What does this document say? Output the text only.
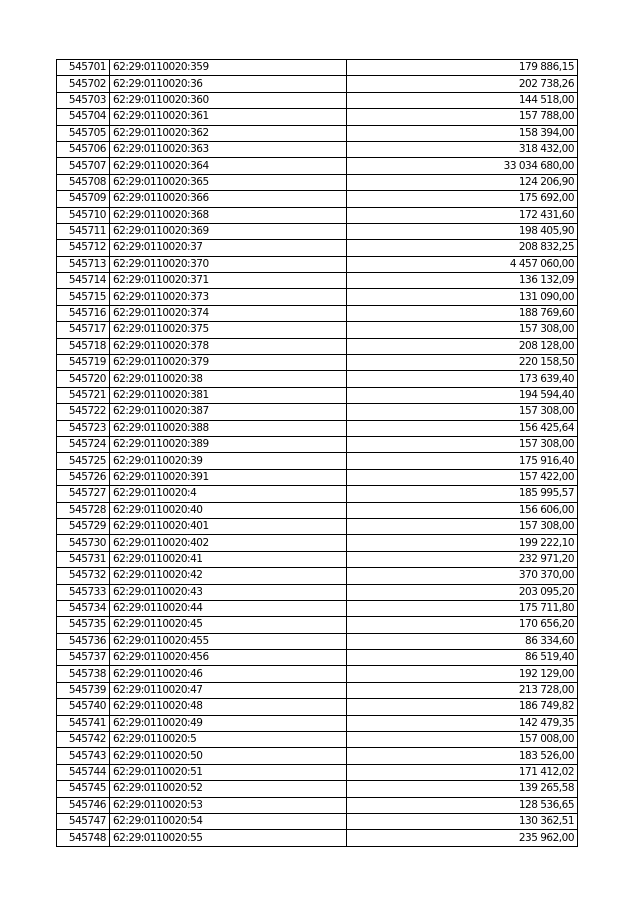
545701	62:29:0110020:359	179 886,15
545702	62:29:0110020:36	202 738,26
545703	62:29:0110020:360	144 518,00
545704	62:29:0110020:361	157 788,00
545705	62:29:0110020:362	158 394,00
545706	62:29:0110020:363	318 432,00
545707	62:29:0110020:364	33 034 680,00
545708	62:29:0110020:365	124 206,90
545709	62:29:0110020:366	175 692,00
545710	62:29:0110020:368	172 431,60
545711	62:29:0110020:369	198 405,90
545712	62:29:0110020:37	208 832,25
545713	62:29:0110020:370	4 457 060,00
545714	62:29:0110020:371	136 132,09
545715	62:29:0110020:373	131 090,00
545716	62:29:0110020:374	188 769,60
545717	62:29:0110020:375	157 308,00
545718	62:29:0110020:378	208 128,00
545719	62:29:0110020:379	220 158,50
545720	62:29:0110020:38	173 639,40
545721	62:29:0110020:381	194 594,40
545722	62:29:0110020:387	157 308,00
545723	62:29:0110020:388	156 425,64
545724	62:29:0110020:389	157 308,00
545725	62:29:0110020:39	175 916,40
545726	62:29:0110020:391	157 422,00
545727	62:29:0110020:4	185 995,57
545728	62:29:0110020:40	156 606,00
545729	62:29:0110020:401	157 308,00
545730	62:29:0110020:402	199 222,10
545731	62:29:0110020:41	232 971,20
545732	62:29:0110020:42	370 370,00
545733	62:29:0110020:43	203 095,20
545734	62:29:0110020:44	175 711,80
545735	62:29:0110020:45	170 656,20
545736	62:29:0110020:455	86 334,60
545737	62:29:0110020:456	86 519,40
545738	62:29:0110020:46	192 129,00
545739	62:29:0110020:47	213 728,00
545740	62:29:0110020:48	186 749,82
545741	62:29:0110020:49	142 479,35
545742	62:29:0110020:5	157 008,00
545743	62:29:0110020:50	183 526,00
545744	62:29:0110020:51	171 412,02
545745	62:29:0110020:52	139 265,58
545746	62:29:0110020:53	128 536,65
545747	62:29:0110020:54	130 362,51
545748	62:29:0110020:55	235 962,00
